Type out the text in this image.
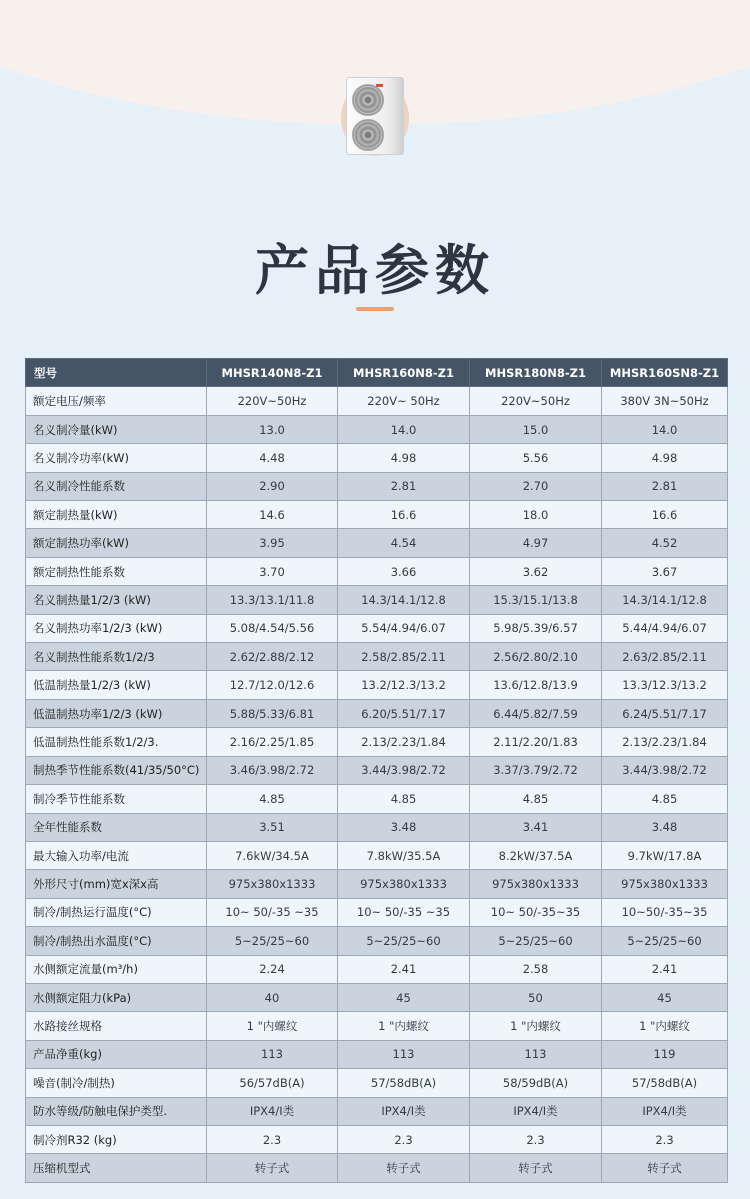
产品参数
型号	MHSR140N8-Z1	MHSR160N8-Z1	MHSR180N8-Z1	MHSR160SN8-Z1
额定电压/频率	220V~50Hz	220V~ 50Hz	220V~50Hz	380V 3N~50Hz
名义制冷量(kW)	13.0	14.0	15.0	14.0
名义制冷功率(kW)	4.48	4.98	5.56	4.98
名义制冷性能系数	2.90	2.81	2.70	2.81
额定制热量(kW)	14.6	16.6	18.0	16.6
额定制热功率(kW)	3.95	4.54	4.97	4.52
额定制热性能系数	3.70	3.66	3.62	3.67
名义制热量1/2/3 (kW)	13.3/13.1/11.8	14.3/14.1/12.8	15.3/15.1/13.8	14.3/14.1/12.8
名义制热功率1/2/3 (kW)	5.08/4.54/5.56	5.54/4.94/6.07	5.98/5.39/6.57	5.44/4.94/6.07
名义制热性能系数1/2/3	2.62/2.88/2.12	2.58/2.85/2.11	2.56/2.80/2.10	2.63/2.85/2.11
低温制热量1/2/3 (kW)	12.7/12.0/12.6	13.2/12.3/13.2	13.6/12.8/13.9	13.3/12.3/13.2
低温制热功率1/2/3 (kW)	5.88/5.33/6.81	6.20/5.51/7.17	6.44/5.82/7.59	6.24/5.51/7.17
低温制热性能系数1/2/3.	2.16/2.25/1.85	2.13/2.23/1.84	2.11/2.20/1.83	2.13/2.23/1.84
制热季节性能系数(41/35/50°C)	3.46/3.98/2.72	3.44/3.98/2.72	3.37/3.79/2.72	3.44/3.98/2.72
制冷季节性能系数	4.85	4.85	4.85	4.85
全年性能系数	3.51	3.48	3.41	3.48
最大输入功率/电流	7.6kW/34.5A	7.8kW/35.5A	8.2kW/37.5A	9.7kW/17.8A
外形尺寸(mm)宽x深x高	975x380x1333	975x380x1333	975x380x1333	975x380x1333
制冷/制热运行温度(°C)	10~ 50/-35 ~35	10~ 50/-35 ~35	10~ 50/-35~35	10~50/-35~35
制冷/制热出水温度(°C)	5~25/25~60	5~25/25~60	5~25/25~60	5~25/25~60
水侧额定流量(m³/h)	2.24	2.41	2.58	2.41
水侧额定阻力(kPa)	40	45	50	45
水路接丝规格	1 "内螺纹	1 "内螺纹	1 "内螺纹	1 "内螺纹
产品净重(kg)	113	113	113	119
噪音(制冷/制热)	56/57dB(A)	57/58dB(A)	58/59dB(A)	57/58dB(A)
防水等级/防触电保护类型.	IPX4/I类	IPX4/I类	IPX4/I类	IPX4/I类
制冷剂R32 (kg)	2.3	2.3	2.3	2.3
压缩机型式	转子式	转子式	转子式	转子式
